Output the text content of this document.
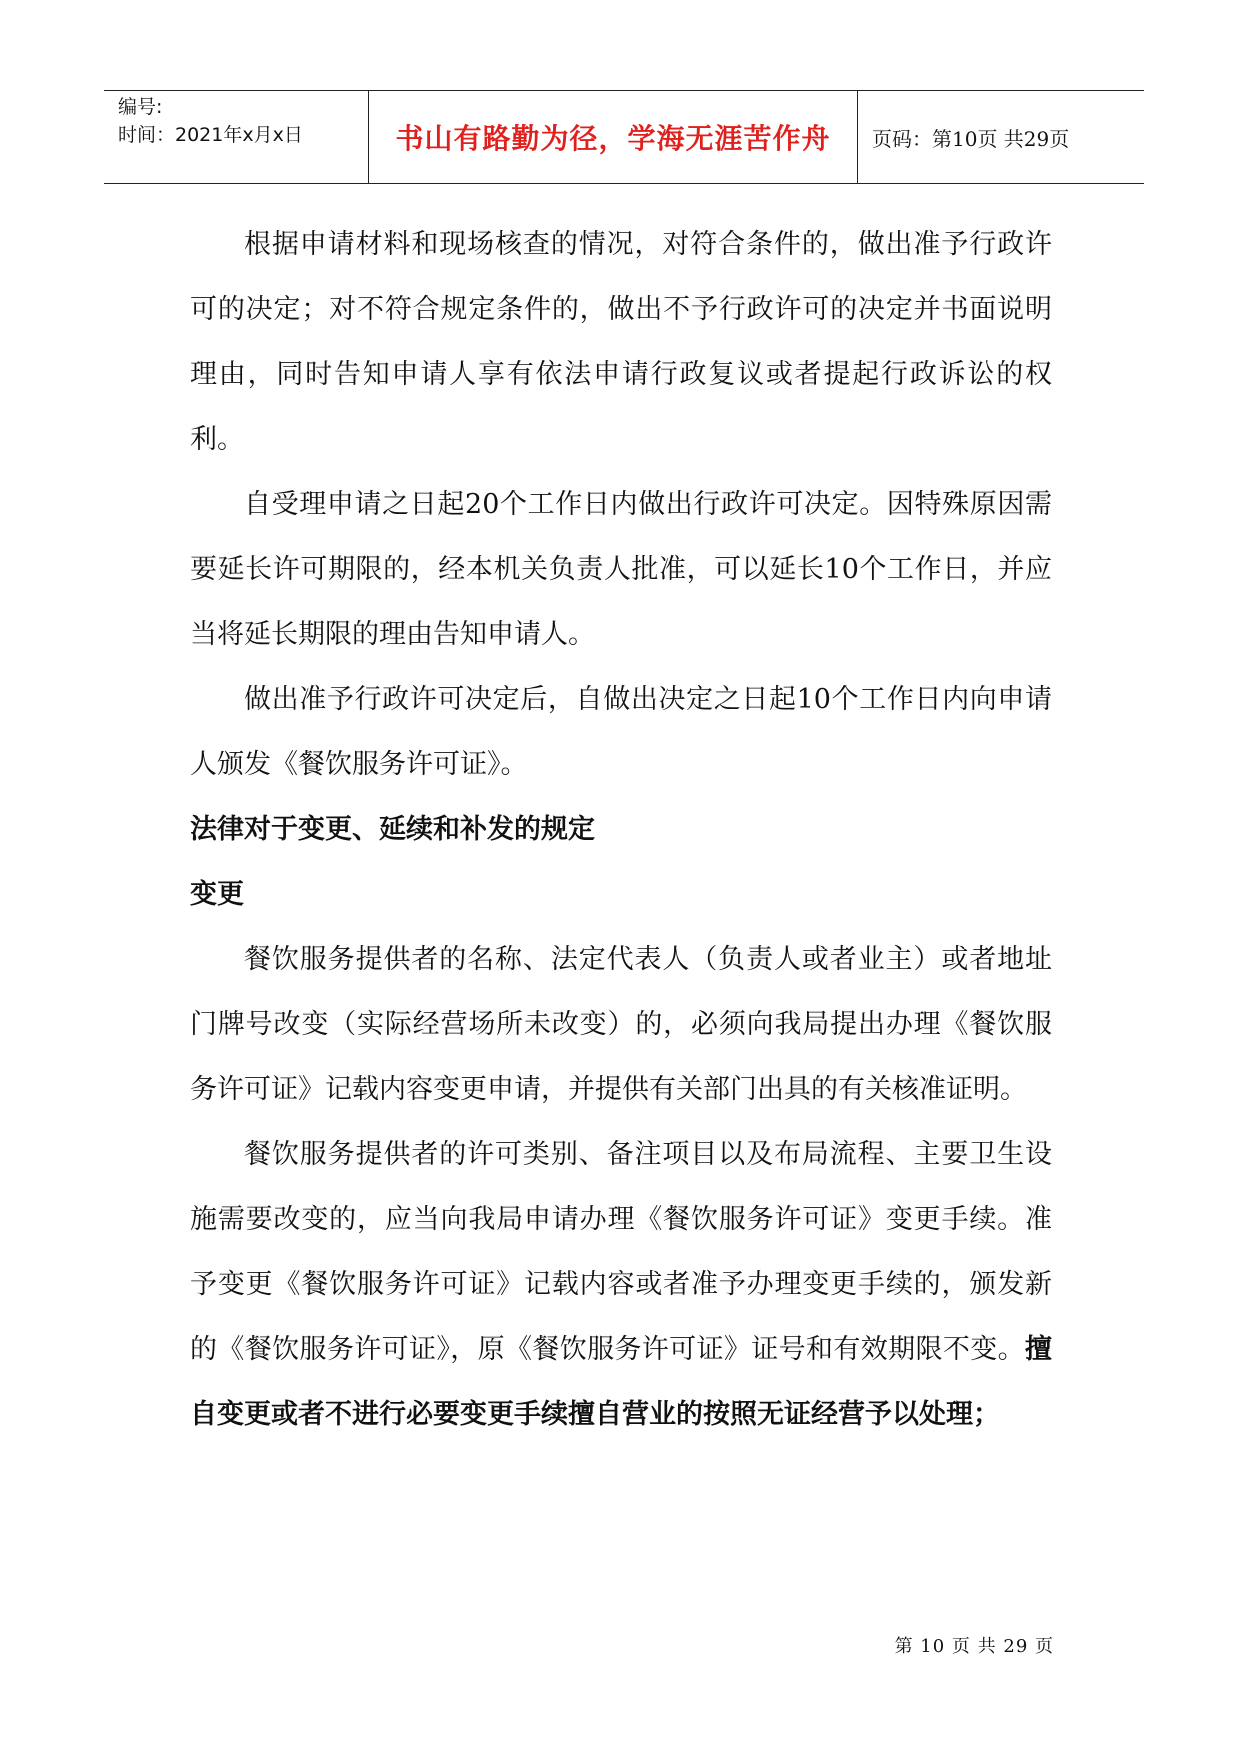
编号:
时间：2021年x月x日	书山有路勤为径，学海无涯苦作舟 页码：第10页 共29页

根据申请材料和现场核查的情况，对符合条件的，做出准予行政许可的决定；对不符合规定条件的，做出不予行政许可的决定并书面说明理由，同时告知申请人享有依法申请行政复议或者提起行政诉讼的权利。

自受理申请之日起20个工作日内做出行政许可决定。因特殊原因需要延长许可期限的，经本机关负责人批准，可以延长10个工作日，并应当将延长期限的理由告知申请人。

做出准予行政许可决定后，自做出决定之日起10个工作日内向申请人颁发《餐饮服务许可证》。

法律对于变更、延续和补发的规定

变更

餐饮服务提供者的名称、法定代表人（负责人或者业主）或者地址门牌号改变（实际经营场所未改变）的，必须向我局提出办理《餐饮服务许可证》记载内容变更申请，并提供有关部门出具的有关核准证明。

餐饮服务提供者的许可类别、备注项目以及布局流程、主要卫生设施需要改变的，应当向我局申请办理《餐饮服务许可证》变更手续。准予变更《餐饮服务许可证》记载内容或者准予办理变更手续的，颁发新的《餐饮服务许可证》，原《餐饮服务许可证》证号和有效期限不变。擅自变更或者不进行必要变更手续擅自营业的按照无证经营予以处理；

第 10 页 共 29 页
